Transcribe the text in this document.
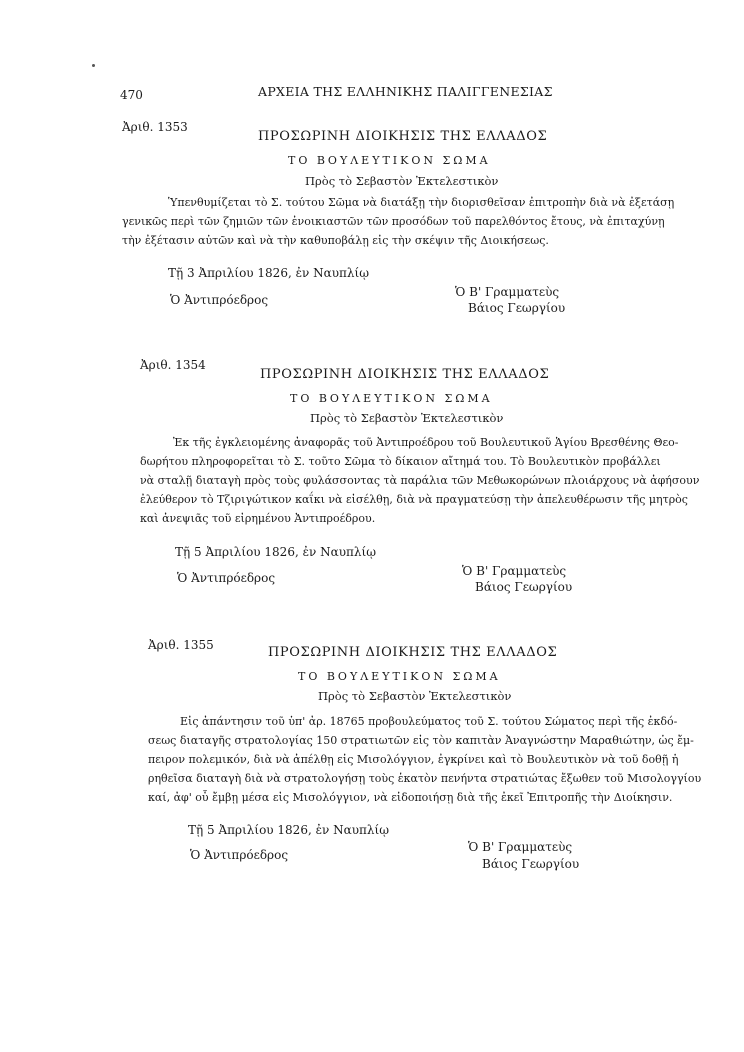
470	ΑΡΧΕΙΑ ΤΗΣ ΕΛΛΗΝΙΚΗΣ ΠΑΛΙΓΓΕΝΕΣΙΑΣ
Ἀριθ. 1353
ΠΡΟΣΩΡΙΝΗ ΔΙΟΙΚΗΣΙΣ ΤΗΣ ΕΛΛΑΔΟΣ
ΤΟ ΒΟΥΛΕΥΤΙΚΟΝ ΣΩΜΑ
Πρὸς τὸ Σεβαστὸν Ἐκτελεστικὸν
Ὑπενθυμίζεται τὸ Σ. τούτου Σῶμα νὰ διατάξῃ τὴν διορισθεῖσαν ἐπιτροπὴν διὰ νὰ ἐξετάσῃ
γενικῶς περὶ τῶν ζημιῶν τῶν ἐνοικιαστῶν τῶν προσόδων τοῦ παρελθόντος ἔτους, νὰ ἐπιταχύνῃ
τὴν ἐξέτασιν αὐτῶν καὶ νὰ τὴν καθυποβάλῃ εἰς τὴν σκέψιν τῆς Διοικήσεως.
Τῇ 3 Ἀπριλίου 1826, ἐν Ναυπλίῳ
Ὁ Ἀντιπρόεδρος
Ὁ Β' Γραμματεὺς
Βάιος Γεωργίου
Ἀριθ. 1354
ΠΡΟΣΩΡΙΝΗ ΔΙΟΙΚΗΣΙΣ ΤΗΣ ΕΛΛΑΔΟΣ
ΤΟ ΒΟΥΛΕΥΤΙΚΟΝ ΣΩΜΑ
Πρὸς τὸ Σεβαστὸν Ἐκτελεστικὸν
Ἐκ τῆς ἐγκλειομένης ἀναφορᾶς τοῦ Ἀντιπροέδρου τοῦ Βουλευτικοῦ Ἁγίου Βρεσθένης Θεο-
δωρήτου πληροφορεῖται τὸ Σ. τοῦτο Σῶμα τὸ δίκαιον αἴτημά του. Τὸ Βουλευτικὸν προβάλλει
νὰ σταλῇ διαταγὴ πρὸς τοὺς φυλάσσοντας τὰ παράλια τῶν Μεθωκορώνων πλοιάρχους νὰ ἀφήσουν
ἐλεύθερον τὸ Τζιριγώτικον καΐκι νὰ εἰσέλθῃ, διὰ νὰ πραγματεύσῃ τὴν ἀπελευθέρωσιν τῆς μητρὸς
καὶ ἀνεψιᾶς τοῦ εἰρημένου Ἀντιπροέδρου.
Τῇ 5 Ἀπριλίου 1826, ἐν Ναυπλίῳ
Ὁ Ἀντιπρόεδρος	Ὁ Β' Γραμματεὺς
Βάιος Γεωργίου
Ἀριθ. 1355	ΠΡΟΣΩΡΙΝΗ ΔΙΟΙΚΗΣΙΣ ΤΗΣ ΕΛΛΑΔΟΣ
ΤΟ ΒΟΥΛΕΥΤΙΚΟΝ ΣΩΜΑ
Πρὸς τὸ Σεβαστὸν Ἐκτελεστικὸν
Εἰς ἀπάντησιν τοῦ ὑπ' ἀρ. 18765 προβουλεύματος τοῦ Σ. τούτου Σώματος περὶ τῆς ἐκδό-
σεως διαταγῆς στρατολογίας 150 στρατιωτῶν εἰς τὸν καπιτὰν Ἀναγνώστην Μαραθιώτην, ὡς ἔμ-
πειρον πολεμικόν, διὰ νὰ ἀπέλθῃ εἰς Μισολόγγιον, ἐγκρίνει καὶ τὸ Βουλευτικὸν νὰ τοῦ δοθῇ ἡ
ρηθεῖσα διαταγὴ διὰ νὰ στρατολογήσῃ τοὺς ἑκατὸν πενήντα στρατιώτας ἔξωθεν τοῦ Μισολογγίου
καί, ἀφ' οὗ ἔμβῃ μέσα εἰς Μισολόγγιον, νὰ εἰδοποιήσῃ διὰ τῆς ἐκεῖ Ἐπιτροπῆς τὴν Διοίκησιν.
Τῇ 5 Ἀπριλίου 1826, ἐν Ναυπλίῳ
Ὁ Ἀντιπρόεδρος
Ὁ Β' Γραμματεὺς
Βάιος Γεωργίου
